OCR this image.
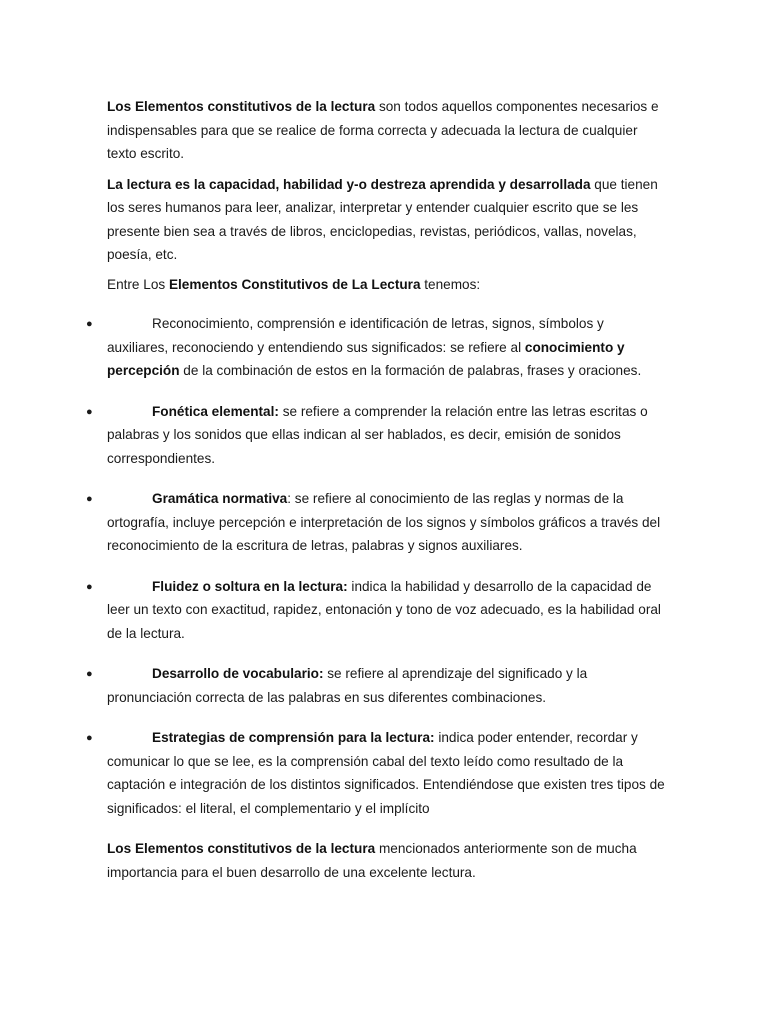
Los Elementos constitutivos de la lectura son todos aquellos componentes necesarios e indispensables para que se realice de forma correcta y adecuada la lectura de cualquier texto escrito.

La lectura es la capacidad, habilidad y-o destreza aprendida y desarrollada que tienen los seres humanos para leer, analizar, interpretar y entender cualquier escrito que se les presente bien sea a través de libros, enciclopedias, revistas, periódicos, vallas, novelas, poesía, etc.

Entre Los Elementos Constitutivos de La Lectura tenemos:

●	Reconocimiento, comprensión e identificación de letras, signos, símbolos y auxiliares, reconociendo y entendiendo sus significados: se refiere al conocimiento y percepción de la combinación de estos en la formación de palabras, frases y oraciones.
●	Fonética elemental: se refiere a comprender la relación entre las letras escritas o palabras y los sonidos que ellas indican al ser hablados, es decir, emisión de sonidos correspondientes.
●	Gramática normativa: se refiere al conocimiento de las reglas y normas de la ortografía, incluye percepción e interpretación de los signos y símbolos gráficos a través del reconocimiento de la escritura de letras, palabras y signos auxiliares.
●	Fluidez o soltura en la lectura: indica la habilidad y desarrollo de la capacidad de leer un texto con exactitud, rapidez, entonación y tono de voz adecuado, es la habilidad oral de la lectura.
●	Desarrollo de vocabulario: se refiere al aprendizaje del significado y la pronunciación correcta de las palabras en sus diferentes combinaciones.
●	Estrategias de comprensión para la lectura: indica poder entender, recordar y comunicar lo que se lee, es la comprensión cabal del texto leído como resultado de la captación e integración de los distintos significados. Entendiéndose que existen tres tipos de significados: el literal, el complementario y el implícito

Los Elementos constitutivos de la lectura mencionados anteriormente son de mucha importancia para el buen desarrollo de una excelente lectura.
